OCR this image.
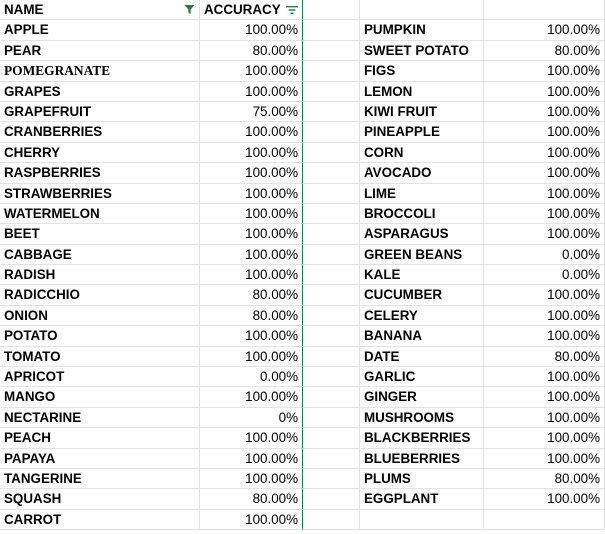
NAME	ACCURACY
APPLE	100.00%	PUMPKIN	100.00%
PEAR	80.00%	SWEET POTATO	80.00%
POMEGRANATE	100.00%	FIGS	100.00%
GRAPES	100.00%	LEMON	100.00%
GRAPEFRUIT	75.00%	KIWI FRUIT	100.00%
CRANBERRIES	100.00%	PINEAPPLE	100.00%
CHERRY	100.00%	CORN	100.00%
RASPBERRIES	100.00%	AVOCADO	100.00%
STRAWBERRIES	100.00%	LIME	100.00%
WATERMELON	100.00%	BROCCOLI	100.00%
BEET	100.00%	ASPARAGUS	100.00%
CABBAGE	100.00%	GREEN BEANS	0.00%
RADISH	100.00%	KALE	0.00%
RADICCHIO	80.00%	CUCUMBER	100.00%
ONION	80.00%	CELERY	100.00%
POTATO	100.00%	BANANA	100.00%
TOMATO	100.00%	DATE	80.00%
APRICOT	0.00%	GARLIC	100.00%
MANGO	100.00%	GINGER	100.00%
NECTARINE	0%	MUSHROOMS	100.00%
PEACH	100.00%	BLACKBERRIES	100.00%
PAPAYA	100.00%	BLUEBERRIES	100.00%
TANGERINE	100.00%	PLUMS	80.00%
SQUASH	80.00%	EGGPLANT	100.00%
CARROT	100.00%
